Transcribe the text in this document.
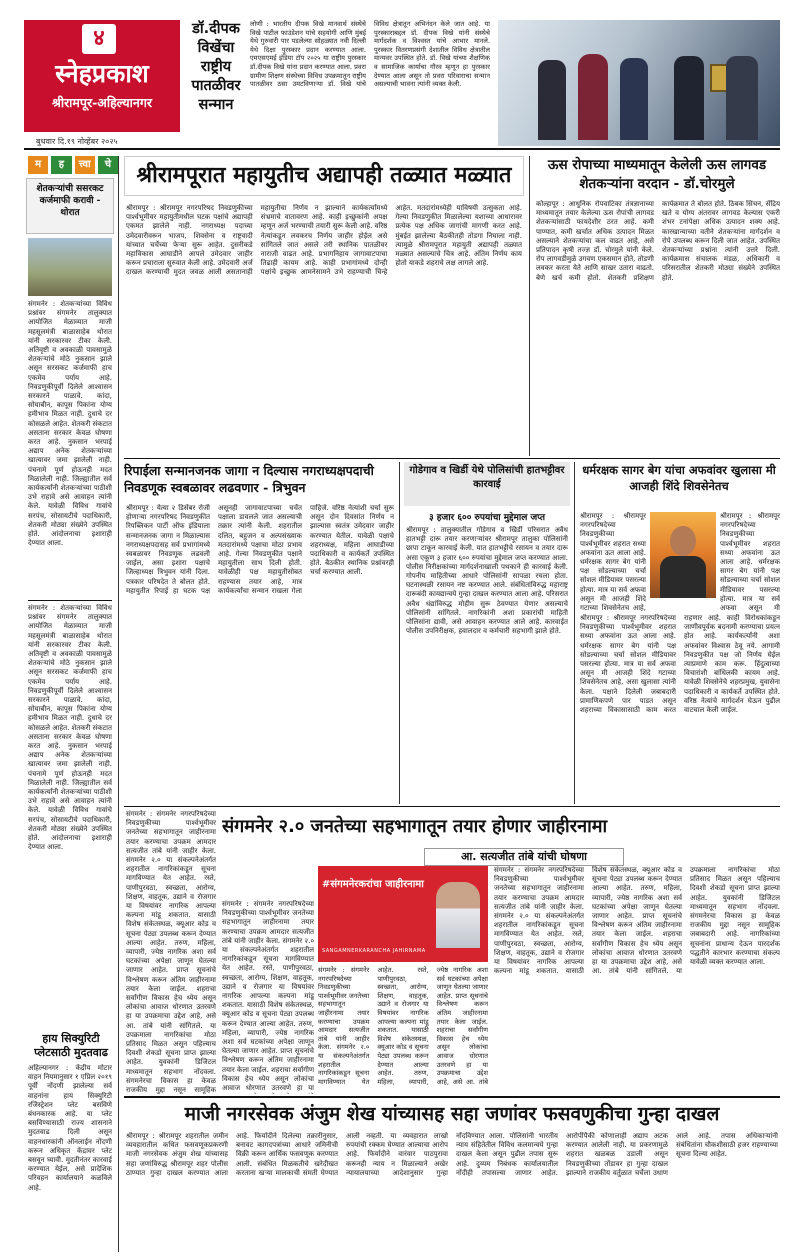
४
स्नेहप्रकाश
श्रीरामपूर-अहिल्यानगर
बुधवार दि.१९ नोव्हेंबर २०२५
डॉ.दीपक विखेंचा राष्ट्रीय पातळीवर सन्मान
लोणी : भारतीय दीपक विखे मानवार्थ संस्थेचे विखे पाटील फाउंडेशन यांचे सहयोगी आणि मुंबई येथे गुरुवारी पार पडलेल्या सोहळ्यात नवी दिल्ली येथे दिक्षा पुरस्कार प्रदान करण्यात आला. एमएसएमई इंडिया टॉप २०२५ या राष्ट्रीय पुरस्कार डॉ.दीपक विखे यांना प्रदान करण्यात आला. प्रवरा ग्रामीण शिक्षण संस्थेच्या विविध उपक्रमातून राष्ट्रीय पातळीवर ठसा उमटविणाऱ्या डॉ. विखे यांचे विविध क्षेत्रातून अभिनंदन केले जात आहे. या पुरस्काराबद्दल डॉ. दीपक विखे यांनी संस्थेचे मार्गदर्शक व विश्वस्त यांचे आभार मानले. पुरस्कार वितरणप्रसंगी देशातील विविध क्षेत्रातील मान्यवर उपस्थित होते. डॉ. विखे यांच्या शैक्षणिक व सामाजिक कार्याचा गौरव म्हणून हा पुरस्कार देण्यात आला असून तो प्रवरा परिवाराचा सन्मान असल्याची भावना त्यांनी व्यक्त केली.
म	ह	त्त्वा	चे
शेतकऱ्यांची ससरकट कर्जमाफी करावी - थोरात
संगमनेर : शेतकऱ्यांच्या विविध प्रश्नांवर संगमनेर तालुक्यात आयोजित मेळाव्यात माजी महसूलमंत्री बाळासाहेब थोरात यांनी सरकारवर टीका केली. अतिवृष्टी व अवकाळी पावसामुळे शेतकऱ्यांचे मोठे नुकसान झाले असून सरसकट कर्जमाफी हाच एकमेव पर्याय आहे. निवडणुकीपूर्वी दिलेले आश्वासन सरकारने पाळावे. कांदा, सोयाबीन, कापूस पिकांना योग्य हमीभाव मिळत नाही. दुधाचे दर कोसळले आहेत. शेतकरी संकटात असताना सरकार केवळ घोषणा करत आहे. नुकसान भरपाई अद्याप अनेक शेतकऱ्यांच्या खात्यावर जमा झालेली नाही. पंचनामे पूर्ण होऊनही मदत मिळालेली नाही. जिल्ह्यातील सर्व कार्यकर्त्यांनी शेतकऱ्यांच्या पाठीशी उभे राहावे असे आवाहन त्यांनी केले. यावेळी विविध गावांचे सरपंच, सोसायटीचे पदाधिकारी, शेतकरी मोठ्या संख्येने उपस्थित होते. आंदोलनाचा इशाराही देण्यात आला.
संगमनेर : शेतकऱ्यांच्या विविध प्रश्नांवर संगमनेर तालुक्यात आयोजित मेळाव्यात माजी महसूलमंत्री बाळासाहेब थोरात यांनी सरकारवर टीका केली. अतिवृष्टी व अवकाळी पावसामुळे शेतकऱ्यांचे मोठे नुकसान झाले असून सरसकट कर्जमाफी हाच एकमेव पर्याय आहे. निवडणुकीपूर्वी दिलेले आश्वासन सरकारने पाळावे. कांदा, सोयाबीन, कापूस पिकांना योग्य हमीभाव मिळत नाही. दुधाचे दर कोसळले आहेत. शेतकरी संकटात असताना सरकार केवळ घोषणा करत आहे. नुकसान भरपाई अद्याप अनेक शेतकऱ्यांच्या खात्यावर जमा झालेली नाही. पंचनामे पूर्ण होऊनही मदत मिळालेली नाही. जिल्ह्यातील सर्व कार्यकर्त्यांनी शेतकऱ्यांच्या पाठीशी उभे राहावे असे आवाहन त्यांनी केले. यावेळी विविध गावांचे सरपंच, सोसायटीचे पदाधिकारी, शेतकरी मोठ्या संख्येने उपस्थित होते. आंदोलनाचा इशाराही देण्यात आला.
हाय सिक्युरिटी प्लेटसाठी मुदतवाढ
अहिल्यानगर : केंद्रीय मोटार वाहन नियमानुसार १ एप्रिल २०१९ पूर्वी नोंदणी झालेल्या सर्व वाहनांना हाय सिक्युरिटी रजिस्ट्रेशन प्लेट बसविणे बंधनकारक आहे. या प्लेट बसविण्यासाठी राज्य शासनाने मुदतवाढ दिली असून वाहनधारकांनी ऑनलाईन नोंदणी करून अधिकृत केंद्रावर प्लेट बसवून घ्यावी. मुदतीनंतर कारवाई करण्यात येईल, असे प्रादेशिक परिवहन कार्यालयाने कळविले आहे.
श्रीरामपूरात महायुतीच अद्यापही तळ्यात मळ्यात
श्रीरामपूर : श्रीरामपूर नगरपरिषद निवडणुकीच्या पार्श्वभूमीवर महायुतीमधील घटक पक्षांचे अद्यापही एकमत झालेले नाही. नगराध्यक्ष पदाच्या उमेदवारीवरून भाजप, शिवसेना व राष्ट्रवादी यांच्यात चर्चेच्या फेऱ्या सुरू आहेत. दुसरीकडे महाविकास आघाडीने आपले उमेदवार जाहीर करून प्रचाराला सुरुवात केली आहे. उमेदवारी अर्ज दाखल करण्याची मुदत जवळ आली असतानाही महायुतीचा निर्णय न झाल्याने कार्यकर्त्यांमध्ये संभ्रमाचे वातावरण आहे. काही इच्छुकांनी अपक्ष म्हणून अर्ज भरण्याची तयारी सुरू केली आहे. वरिष्ठ नेत्यांकडून लवकरच निर्णय जाहीर होईल असे सांगितले जात असले तरी स्थानिक पातळीवर नाराजी वाढत आहे. प्रभागनिहाय जागावाटपाचा तिढाही कायम आहे. काही प्रभागांमध्ये दोन्ही पक्षांचे इच्छुक आमनेसामने उभे राहण्याची चिन्हे आहेत. मतदारांमध्येही याविषयी उत्सुकता आहे. गेल्या निवडणुकीत मिळालेल्या यशाच्या आधारावर प्रत्येक पक्ष अधिक जागांची मागणी करत आहे. मुंबईत झालेल्या बैठकीतही तोडगा निघाला नाही. त्यामुळे श्रीरामपूरात महायुती अद्यापही तळ्यात मळ्यात असल्याचे चित्र आहे. अंतिम निर्णय काय होतो याकडे शहराचे लक्ष लागले आहे.
ऊस रोपाच्या माध्यमातून केलेली ऊस लागवड शेतकऱ्यांना वरदान - डॉ.चोरमुले
कोल्हापूर : आधुनिक रोपवाटिका तंत्रज्ञानाच्या माध्यमातून तयार केलेल्या ऊस रोपांची लागवड शेतकऱ्यांसाठी फायदेशीर ठरत आहे. कमी पाण्यात, कमी खर्चात अधिक उत्पादन मिळत असल्याने शेतकऱ्यांचा कल वाढत आहे, असे प्रतिपादन कृषी तज्ज्ञ डॉ. चोरमुले यांनी केले. रोप लागवडीमुळे उगवण एकसमान होते, तोडणी लवकर करता येते आणि साखर उतारा वाढतो. बेणे खर्च कमी होतो. शेतकरी प्रशिक्षण कार्यक्रमात ते बोलत होते. ठिबक सिंचन, सेंद्रिय खते व योग्य अंतरावर लागवड केल्यास एकरी शंभर टनांपेक्षा अधिक उत्पादन शक्य आहे. कारखान्याच्या वतीने शेतकऱ्यांना मार्गदर्शन व रोपे उपलब्ध करून दिली जात आहेत. उपस्थित शेतकऱ्यांच्या प्रश्नांना त्यांनी उत्तरे दिली. कार्यक्रमास संचालक मंडळ, अधिकारी व परिसरातील शेतकरी मोठ्या संख्येने उपस्थित होते.
रिपाईला सन्मानजनक जागा न दिल्यास नगराध्यक्षपदाची निवडणूक स्वबळावर लढवणार - त्रिभुवन
श्रीरामपूर : येत्या २ डिसेंबर रोजी होणाऱ्या नगरपरिषद निवडणुकीत रिपब्लिकन पार्टी ऑफ इंडियाला सन्मानजनक जागा न मिळाल्यास नगराध्यक्षपदासह सर्व प्रभागांमध्ये स्वबळावर निवडणूक लढवली जाईल, असा इशारा पक्षाचे जिल्हाध्यक्ष त्रिभुवन यांनी दिला. पत्रकार परिषदेत ते बोलत होते. महायुतीत रिपाई हा घटक पक्ष असूनही जागावाटपाच्या चर्चेत पक्षाला डावलले जात असल्याची तक्रार त्यांनी केली. शहरातील दलित, बहुजन व अल्पसंख्याक मतदारांमध्ये पक्षाचा मोठा प्रभाव आहे. गेल्या निवडणुकीत पक्षाने महायुतीला साथ दिली होती. यावेळीही पक्ष महायुतीसोबत राहण्यास तयार आहे, मात्र कार्यकर्त्यांचा सन्मान राखला गेला पाहिजे. वरिष्ठ नेत्यांशी चर्चा सुरू असून दोन दिवसांत निर्णय न झाल्यास स्वतंत्र उमेदवार जाहीर करण्यात येतील. यावेळी पक्षाचे शहराध्यक्ष, महिला आघाडीच्या पदाधिकारी व कार्यकर्ते उपस्थित होते. बैठकीत स्थानिक प्रश्नांवरही चर्चा करण्यात आली.
गोडेगाव व खिर्डी येथे पोलिसांची हातभट्टीवर कारवाई
३ हजार ६०० रुपयांचा मुद्देमाल जप्त
श्रीरामपूर : तालुक्यातील गोंडेगाव व खिर्डी परिसरात अवैध हातभट्टी दारू तयार करणाऱ्यांवर श्रीरामपूर तालुका पोलिसांनी छापा टाकून कारवाई केली. यात हातभट्टीचे रसायन व तयार दारू असा एकूण ३ हजार ६०० रुपयांचा मुद्देमाल जप्त करण्यात आला. पोलीस निरीक्षकांच्या मार्गदर्शनाखाली पथकाने ही कारवाई केली. गोपनीय माहितीच्या आधारे पोलिसांनी सापळा रचला होता. घटनास्थळी रसायन नष्ट करण्यात आले. संबंधितांविरुद्ध महाराष्ट्र दारूबंदी कायद्यान्वये गुन्हा दाखल करण्यात आला आहे. परिसरात अवैध धंद्यांविरुद्ध मोहीम सुरू ठेवण्यात येणार असल्याचे पोलिसांनी सांगितले. नागरिकांनी अशा प्रकारांची माहिती पोलिसांना द्यावी, असे आवाहन करण्यात आले आहे. कारवाईत पोलीस उपनिरीक्षक, हवालदार व कर्मचारी सहभागी झाले होते.
धर्मरक्षक सागर बेग यांचा अफवांवर खुलासा मी आजही शिंदे शिवसेनेतच
श्रीरामपूर : श्रीरामपूर नगरपरिषदेच्या निवडणुकीच्या पार्श्वभूमीवर शहरात सध्या अफवांना ऊत आला आहे. धर्मरक्षक सागर बेग यांनी पक्ष सोडल्याच्या चर्चा सोशल मीडियावर पसरल्या होत्या. मात्र या सर्व अफवा असून मी आजही शिंदे गटाच्या शिवसेनेतच आहे,
श्रीरामपूर : श्रीरामपूर नगरपरिषदेच्या निवडणुकीच्या पार्श्वभूमीवर शहरात सध्या अफवांना ऊत आला आहे. धर्मरक्षक सागर बेग यांनी पक्ष सोडल्याच्या चर्चा सोशल मीडियावर पसरल्या होत्या. मात्र या सर्व अफवा असून मी
श्रीरामपूर : श्रीरामपूर नगरपरिषदेच्या निवडणुकीच्या पार्श्वभूमीवर शहरात सध्या अफवांना ऊत आला आहे. धर्मरक्षक सागर बेग यांनी पक्ष सोडल्याच्या चर्चा सोशल मीडियावर पसरल्या होत्या. मात्र या सर्व अफवा असून मी आजही शिंदे गटाच्या शिवसेनेतच आहे, असा खुलासा त्यांनी केला. पक्षाने दिलेली जबाबदारी प्रामाणिकपणे पार पाडत असून शहराच्या विकासासाठी काम करत राहणार आहे. काही विरोधकांकडून जाणीवपूर्वक बदनामी करण्याचा प्रयत्न होत आहे. कार्यकर्त्यांनी अशा अफवांवर विश्वास ठेवू नये. आगामी निवडणुकीत पक्ष जो निर्णय घेईल त्याप्रमाणे काम करू. हिंदुत्वाच्या विचारांशी बांधिलकी कायम आहे. यावेळी शिवसेनेचे शहरप्रमुख, युवासेना पदाधिकारी व कार्यकर्ते उपस्थित होते. वरिष्ठ नेत्यांचे मार्गदर्शन घेऊन पुढील वाटचाल केली जाईल.
संगमनेर : संगमनेर नगरपरिषदेच्या निवडणुकीच्या पार्श्वभूमीवर जनतेच्या सहभागातून जाहीरनामा तयार करण्याचा उपक्रम आमदार सत्यजीत तांबे यांनी जाहीर केला. संगमनेर २.० या संकल्पनेअंतर्गत शहरातील नागरिकांकडून सूचना मागविण्यात येत आहेत. रस्ते, पाणीपुरवठा, स्वच्छता, आरोग्य, शिक्षण, वाहतूक, उद्याने व रोजगार या विषयांवर नागरिक आपल्या कल्पना मांडू शकतात. यासाठी विशेष संकेतस्थळ, क्यूआर कोड व सूचना पेट्या उपलब्ध करून देण्यात आल्या आहेत. तरुण, महिला, व्यापारी, ज्येष्ठ नागरिक अशा सर्व घटकांच्या अपेक्षा जाणून घेतल्या जाणार आहेत. प्राप्त सूचनांचे विश्लेषण करून अंतिम जाहीरनामा तयार केला जाईल. शहराचा सर्वांगीण विकास हेच ध्येय असून लोकांचा आवाज धोरणात उतरवणे हा या उपक्रमाचा उद्देश आहे, असे आ. तांबे यांनी सांगितले. या उपक्रमाला नागरिकांचा मोठा प्रतिसाद मिळत असून पहिल्याच दिवशी शेकडो सूचना प्राप्त झाल्या आहेत. युवकांनी डिजिटल माध्यमातून सहभाग नोंदवला. संगमनेरचा विकास हा केवळ राजकीय मुद्दा नसून सामूहिक
संगमनेर : संगमनेर नगरपरिषदेच्या निवडणुकीच्या पार्श्वभूमीवर जनतेच्या सहभागातून जाहीरनामा तयार करण्याचा उपक्रम आमदार सत्यजीत तांबे यांनी जाहीर केला. संगमनेर २.० या संकल्पनेअंतर्गत शहरातील नागरिकांकडून सूचना मागविण्यात येत आहेत. रस्ते, पाणीपुरवठा, स्वच्छता, आरोग्य, शिक्षण, वाहतूक, उद्याने व रोजगार या विषयांवर नागरिक आपल्या कल्पना मांडू शकतात. यासाठी विशेष संकेतस्थळ, क्यूआर कोड व सूचना पेट्या उपलब्ध करून देण्यात आल्या आहेत. तरुण, महिला, व्यापारी, ज्येष्ठ नागरिक अशा सर्व घटकांच्या अपेक्षा जाणून घेतल्या जाणार आहेत. प्राप्त सूचनांचे विश्लेषण करून अंतिम जाहीरनामा तयार केला जाईल. शहराचा सर्वांगीण विकास हेच ध्येय असून लोकांचा आवाज धोरणात उतरवणे हा या
संगमनेर २.० जनतेच्या सहभागातून तयार होणार जाहीरनामा
आ. सत्यजीत तांबे यांची घोषणा
#संगमनेरकरांचा जाहीरनामा
SANGAMNERKARANCHA JAHIRNAMA
संगमनेर : संगमनेर नगरपरिषदेच्या निवडणुकीच्या पार्श्वभूमीवर जनतेच्या सहभागातून जाहीरनामा तयार करण्याचा उपक्रम आमदार सत्यजीत तांबे यांनी जाहीर केला. संगमनेर २.० या संकल्पनेअंतर्गत शहरातील नागरिकांकडून सूचना मागविण्यात येत आहेत. रस्ते, पाणीपुरवठा, स्वच्छता, आरोग्य, शिक्षण, वाहतूक, उद्याने व रोजगार या विषयांवर नागरिक आपल्या कल्पना मांडू शकतात. यासाठी विशेष संकेतस्थळ, क्यूआर कोड व सूचना पेट्या उपलब्ध करून देण्यात आल्या आहेत. तरुण, महिला, व्यापारी, ज्येष्ठ नागरिक अशा सर्व घटकांच्या अपेक्षा जाणून घेतल्या जाणार आहेत. प्राप्त सूचनांचे विश्लेषण करून अंतिम जाहीरनामा तयार केला जाईल. शहराचा सर्वांगीण विकास हेच ध्येय असून लोकांचा आवाज धोरणात उतरवणे हा या उपक्रमाचा उद्देश आहे, असे आ. तांबे
संगमनेर : संगमनेर नगरपरिषदेच्या निवडणुकीच्या पार्श्वभूमीवर जनतेच्या सहभागातून जाहीरनामा तयार करण्याचा उपक्रम आमदार सत्यजीत तांबे यांनी जाहीर केला. संगमनेर २.० या संकल्पनेअंतर्गत शहरातील नागरिकांकडून सूचना मागविण्यात येत आहेत. रस्ते, पाणीपुरवठा, स्वच्छता, आरोग्य, शिक्षण, वाहतूक, उद्याने व रोजगार या विषयांवर नागरिक आपल्या कल्पना मांडू शकतात. यासाठी विशेष संकेतस्थळ, क्यूआर कोड व सूचना पेट्या उपलब्ध करून देण्यात आल्या आहेत. तरुण, महिला, व्यापारी, ज्येष्ठ नागरिक अशा सर्व घटकांच्या अपेक्षा जाणून घेतल्या जाणार आहेत. प्राप्त सूचनांचे विश्लेषण करून अंतिम जाहीरनामा तयार केला जाईल. शहराचा सर्वांगीण विकास हेच ध्येय असून लोकांचा आवाज धोरणात उतरवणे हा या उपक्रमाचा उद्देश आहे, असे आ. तांबे यांनी सांगितले. या उपक्रमाला नागरिकांचा मोठा प्रतिसाद मिळत असून पहिल्याच दिवशी शेकडो सूचना प्राप्त झाल्या आहेत. युवकांनी डिजिटल माध्यमातून सहभाग नोंदवला. संगमनेरचा विकास हा केवळ राजकीय मुद्दा नसून सामूहिक जबाबदारी आहे. नागरिकांच्या सूचनांना प्राधान्य देऊन पारदर्शक पद्धतीने कारभार करण्याचा संकल्प यावेळी व्यक्त करण्यात आला.
माजी नगरसेवक अंजुम शेख यांच्यासह सहा जणांवर फसवणुकीचा गुन्हा दाखल
श्रीरामपूर : श्रीरामपूर शहरातील जमीन व्यवहारातील कथित फसवणूकप्रकरणी माजी नगरसेवक अंजुम शेख यांच्यासह सहा जणांविरुद्ध श्रीरामपूर शहर पोलीस ठाण्यात गुन्हा दाखल करण्यात आला आहे. फिर्यादीने दिलेल्या तक्रारीनुसार, बनावट कागदपत्रांच्या आधारे जमिनीची विक्री करून आर्थिक फसवणूक करण्यात आली. संबंधित मिळकतीचे खरेदीखत करताना खऱ्या मालकाची संमती घेण्यात आली नव्हती. या व्यवहारात लाखो रुपयांची रक्कम घेण्यात आल्याचा आरोप आहे. फिर्यादीने वारंवार पाठपुरावा करूनही न्याय न मिळाल्याने अखेर न्यायालयाच्या आदेशानुसार गुन्हा नोंदविण्यात आला. पोलिसांनी भारतीय न्याय संहितेतील विविध कलमान्वये गुन्हा दाखल केला असून पुढील तपास सुरू आहे. दुय्यम निबंधक कार्यालयातील नोंदीही तपासल्या जाणार आहेत. आरोपींपैकी कोणालाही अद्याप अटक करण्यात आलेली नाही. या प्रकरणामुळे शहरात खळबळ उडाली असून निवडणुकीच्या तोंडावर हा गुन्हा दाखल झाल्याने राजकीय वर्तुळात चर्चेला उधाण आले आहे. तपास अधिकाऱ्यांनी संबंधितांना चौकशीसाठी हजर राहण्याच्या सूचना दिल्या आहेत.
